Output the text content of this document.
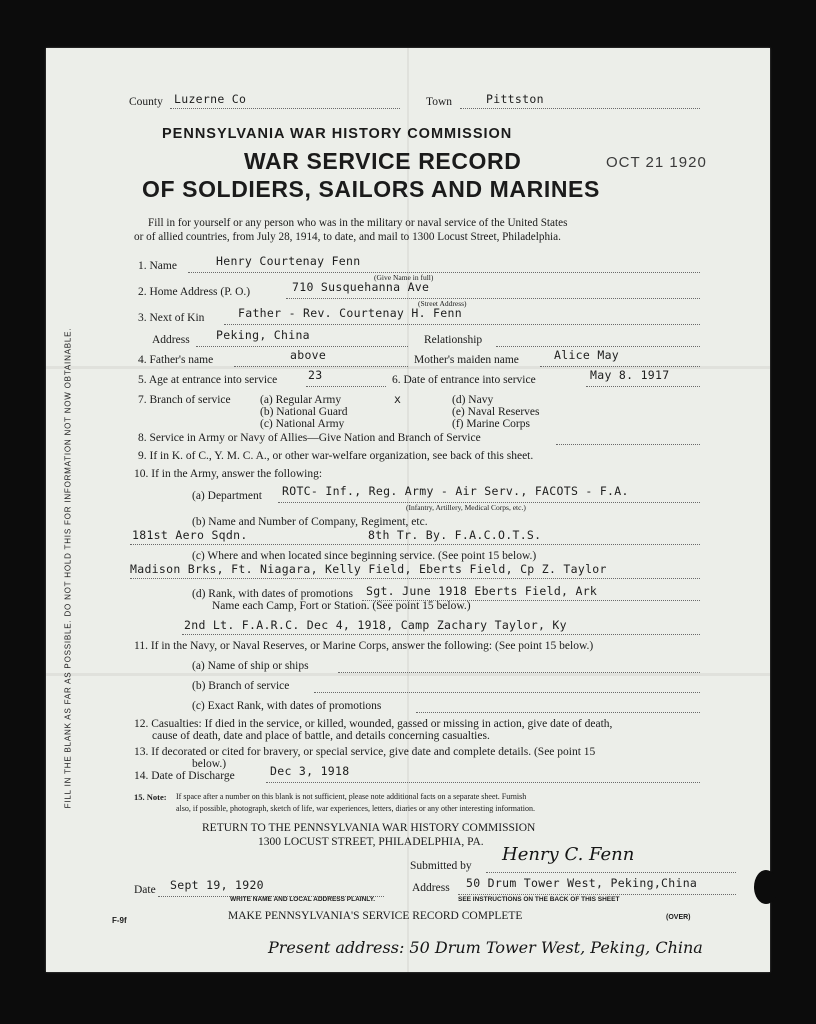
FILL IN THE BLANK AS FAR AS POSSIBLE. DO NOT HOLD THIS FOR INFORMATION NOT NOW OBTAINABLE.
County Luzerne Co	Town	Pittston
PENNSYLVANIA WAR HISTORY COMMISSION
WAR SERVICE RECORD	OCT 21 1920
OF SOLDIERS, SAILORS AND MARINES
Fill in for yourself or any person who was in the military or naval service of the United States
or of allied countries, from July 28, 1914, to date, and mail to 1300 Locust Street, Philadelphia.
1. Name	Henry Courtenay Fenn
(Give Name in full)
2. Home Address (P. O.)	710 Susquehanna Ave
(Street Address)
3. Next of Kin	Father - Rev. Courtenay H. Fenn
Address Peking, China	Relationship
4. Father's name	above	Mother's maiden name	Alice May
5. Age at entrance into service	23	6. Date of entrance into service	May 8. 1917
7. Branch of service	(a) Regular Army
(b) National Guard
(c) National Army
x	(d) Navy
(e) Naval Reserves
(f) Marine Corps
8. Service in Army or Navy of Allies—Give Nation and Branch of Service
9. If in K. of C., Y. M. C. A., or other war-welfare organization, see back of this sheet.
10. If in the Army, answer the following:
(a) Department ROTC- Inf., Reg. Army - Air Serv., FACOTS - F.A.
(Infantry, Artillery, Medical Corps, etc.)
(b) Name and Number of Company, Regiment, etc.
181st Aero Sqdn.	8th Tr. By. F.A.C.O.T.S.
(c) Where and when located since beginning service. (See point 15 below.)
Madison Brks, Ft. Niagara, Kelly Field, Eberts Field, Cp Z. Taylor
(d) Rank, with dates of promotions Sgt. June 1918 Eberts Field, Ark
Name each Camp, Fort or Station. (See point 15 below.)
2nd Lt. F.A.R.C. Dec 4, 1918, Camp Zachary Taylor, Ky
11. If in the Navy, or Naval Reserves, or Marine Corps, answer the following: (See point 15 below.)
(a) Name of ship or ships
(b) Branch of service
(c) Exact Rank, with dates of promotions
12. Casualties: If died in the service, or killed, wounded, gassed or missing in action, give date of death,
cause of death, date and place of battle, and details concerning casualties.
13. If decorated or cited for bravery, or special service, give date and complete details. (See point 15
below.)
14. Date of Discharge	Dec 3, 1918
15. Note: If space after a number on this blank is not sufficient, please note additional facts on a separate sheet. Furnish
also, if possible, photograph, sketch of life, war experiences, letters, diaries or any other interesting information.
RETURN TO THE PENNSYLVANIA WAR HISTORY COMMISSION
1300 LOCUST STREET, PHILADELPHIA, PA.
Submitted by
Henry C. Fenn
Date Sept 19, 1920	Address 50 Drum Tower West, Peking,China
WRITE NAME AND LOCAL ADDRESS PLAINLY.	SEE INSTRUCTIONS ON THE BACK OF THIS SHEET
F-9f	MAKE PENNSYLVANIA'S SERVICE RECORD COMPLETE	(OVER)
Present address: 50 Drum Tower West, Peking, China
